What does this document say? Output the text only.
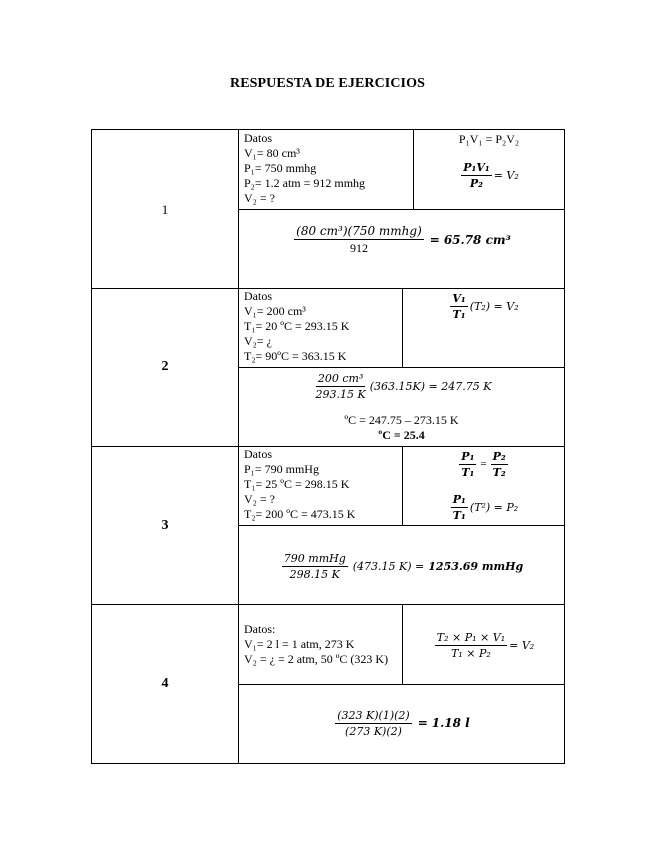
RESPUESTA DE EJERCICIOS
1
Datos
V₁= 80 cm³
P₁= 750 mmhg
P₂= 1.2 atm = 912 mmhg
V₂ = ?
P₁V₁ = P₂V₂
$\frac{\text{P₁V₁}}{\text{P₂}} = V_2$
$\frac{\text{(80 cm³)(750 mmhg)}}{912} = 65.78$ cm³
2
Datos
V₁= 200 cm³
T₁= 20 ºC = 293.15 K
V₂= ¿
T₂= 90ºC = 363.15 K
$\frac{\text{V₁}}{\text{T₁}} (T_2) = V_2$
$\frac{\text{200 cm³}}{293.15 K} (363.15K) = 247.75$ K
ºC = 247.75 – 273.15 K
ºC = 25.4
3
Datos
P₁= 790 mmHg
T₁= 25 ºC = 298.15 K
V₂ = ?
T₂= 200 ºC = 473.15 K
$\frac{\text{P₁}}{\text{T₁}} = \frac{\text{P₂}}{\text{T₂}}$
$\frac{\text{P₁}}{\text{T₁}} (T^2) = P_2$
$\frac{\text{790 mmHg}}{298.15 K} (473.15$ K) = 1253.69 mmHg
4
Datos:
V₁= 2 l = 1 atm, 273 K
V₂ = ¿ = 2 atm, 50 ºC (323 K)	$\frac{\text{T₂ × P₁ × V₁}}{\text{T₁ × P₂}} = V_2$
$\frac{(323 K)(1)(2)}{(273 K)(2)} = 1.18$ l
